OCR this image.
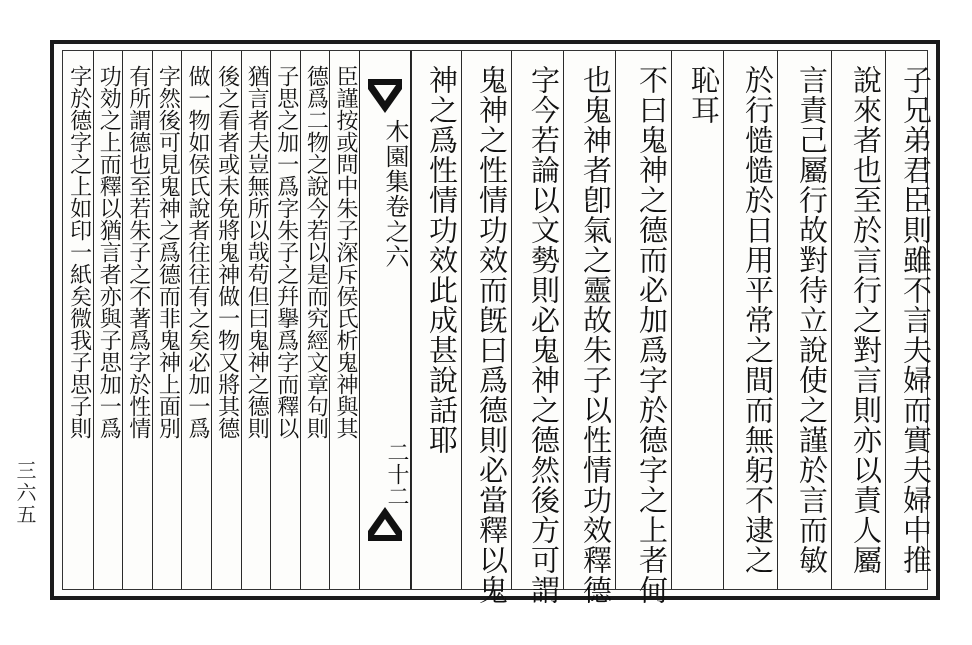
三六五	子兄弟君臣則雖不言夫婦而實夫婦中推
說來者也至於言行之對言則亦以責人屬
言責己屬行故對待立說使之謹於言而敏
於行慥慥於日用平常之間而無躬不逮之
恥耳
不曰鬼神之德而必加爲字於德字之上者何
也鬼神者卽氣之靈故朱子以性情功效釋德
字今若論以文勢則必鬼神之德然後方可謂
鬼神之性情功效而旣曰爲德則必當釋以鬼
神之爲性情功效此成甚說話耶
木園集卷之六
二十二
臣謹按或問中朱子深斥侯氏析鬼神與其
德爲二物之說今若以是而究經文章句則
子思之加一爲字朱子之幷擧爲字而釋以
猶言者夫豈無所以哉苟但曰鬼神之德則
後之看者或未免將鬼神做一物又將其德
做一物如侯氏說者往往有之矣必加一爲
字然後可見鬼神之爲德而非鬼神上面別
有所謂德也至若朱子之不著爲字於性情
功効之上而釋以猶言者亦與子思加一爲
字於德字之上如印一紙矣微我子思子則
